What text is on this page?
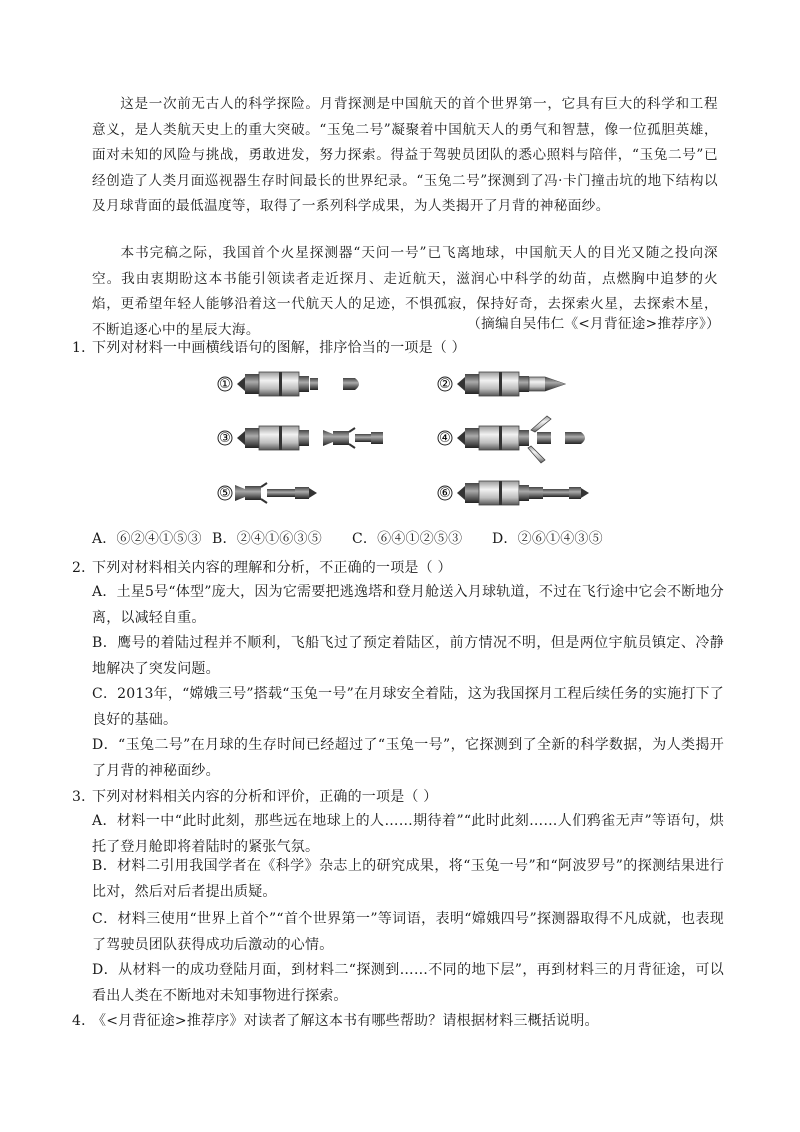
这是一次前无古人的科学探险。月背探测是中国航天的首个世界第一，它具有巨大的科学和工程意义，是人类航天史上的重大突破。“玉兔二号”凝聚着中国航天人的勇气和智慧，像一位孤胆英雄，面对未知的风险与挑战，勇敢进发，努力探索。得益于驾驶员团队的悉心照料与陪伴，“玉兔二号”已经创造了人类月面巡视器生存时间最长的世界纪录。“玉兔二号”探测到了冯·卡门撞击坑的地下结构以及月球背面的最低温度等，取得了一系列科学成果，为人类揭开了月背的神秘面纱。

本书完稿之际，我国首个火星探测器“天问一号”已飞离地球，中国航天人的目光又随之投向深空。我由衷期盼这本书能引领读者走近探月、走近航天，滋润心中科学的幼苗，点燃胸中追梦的火焰，更希望年轻人能够沿着这一代航天人的足迹，不惧孤寂，保持好奇，去探索火星，去探索木星，不断追逐心中的星辰大海。	（摘编自吴伟仁《<月背征途>推荐序》）

1．下列对材料一中画横线语句的图解，排序恰当的一项是（ ）

①	②
③	④
⑤	⑥
A．⑥②④①⑤③ B．②④①⑥③⑤ C．⑥④①②⑤③ D．②⑥①④③⑤

2．下列对材料相关内容的理解和分析，不正确的一项是（ ）

A．土星5号“体型”庞大，因为它需要把逃逸塔和登月舱送入月球轨道，不过在飞行途中它会不断地分离，以减轻自重。

B．鹰号的着陆过程并不顺利，飞船飞过了预定着陆区，前方情况不明，但是两位宇航员镇定、冷静地解决了突发问题。

C．2013年，“嫦娥三号”搭载“玉兔一号”在月球安全着陆，这为我国探月工程后续任务的实施打下了良好的基础。

D．“玉兔二号”在月球的生存时间已经超过了“玉兔一号”，它探测到了全新的科学数据，为人类揭开了月背的神秘面纱。

3．下列对材料相关内容的分析和评价，正确的一项是（ ）

A．材料一中“此时此刻，那些远在地球上的人……期待着”“此时此刻……人们鸦雀无声”等语句，烘托了登月舱即将着陆时的紧张气氛。

B．材料二引用我国学者在《科学》杂志上的研究成果，将“玉兔一号”和“阿波罗号”的探测结果进行比对，然后对后者提出质疑。

C．材料三使用“世界上首个”“首个世界第一”等词语，表明“嫦娥四号”探测器取得不凡成就，也表现了驾驶员团队获得成功后激动的心情。

D．从材料一的成功登陆月面，到材料二“探测到……不同的地下层”，再到材料三的月背征途，可以看出人类在不断地对未知事物进行探索。

4．《<月背征途>推荐序》对读者了解这本书有哪些帮助？请根据材料三概括说明。
